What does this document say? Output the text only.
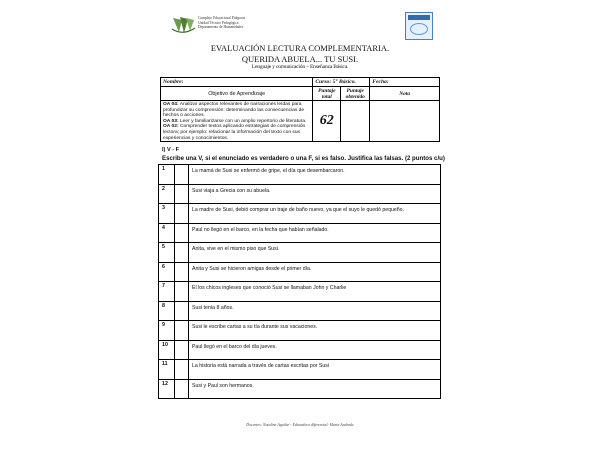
Complejo Educacional Pitágoras
Unidad Técnico Pedagógica
Departamento de Humanidades
EVALUACIÓN LECTURA COMPLEMENTARIA.
QUERIDA ABUELA... TU SUSI.
Lenguaje y comunicación – Enseñanza Básica.
Nombre:	Curso: 5° Básico.		Fecha:
Objetivo de Aprendizaje	Puntaje total	Puntaje obtenido	Nota

OA 04: Analizar aspectos relevantes de narraciones leídas para profundizar su comprensión: determinando las consecuencias de hechos o acciones.
OA 03: Leer y familiarizarse con un amplio repertorio de literatura.
OA 02: Comprender textos aplicando estrategias de comprensión lectora; por ejemplo: relacionar la información del texto con sus experiencias y conocimientos.	62		
I) V - F
Escribe una V, si el enunciado es verdadero o una F, si es falso. Justifica las falsas. (2 puntos c/u)
1		La mamá de Susi se enfermó de gripe, el día que desembarcaron.
2		Susi viaja a Grecia con su abuela.
3		La madre de Susi, debió comprar un traje de baño nuevo, ya que el suyo le quedó pequeño.
4		Paul no llegó en el barco, en la fecha que habían señalado.
5		Anita, vive en el mismo piso que Susi.
6		Anita y Susi se hicieron amigas desde el primer día.
7		El los chicos ingleses que conoció Susi se llamaban John y Charlie
8		Susi tenía 8 años.
9		Susi le escribe cartas a su tía durante sus vacaciones.
10		Paul llegó en el barco del día jueves.
11		La historia está narrada a través de cartas escritas por Susi
12		Susi y Paul son hermanos.
Docentes: Nataline Aguilar - Educadora diferencial: Marta Andrade
